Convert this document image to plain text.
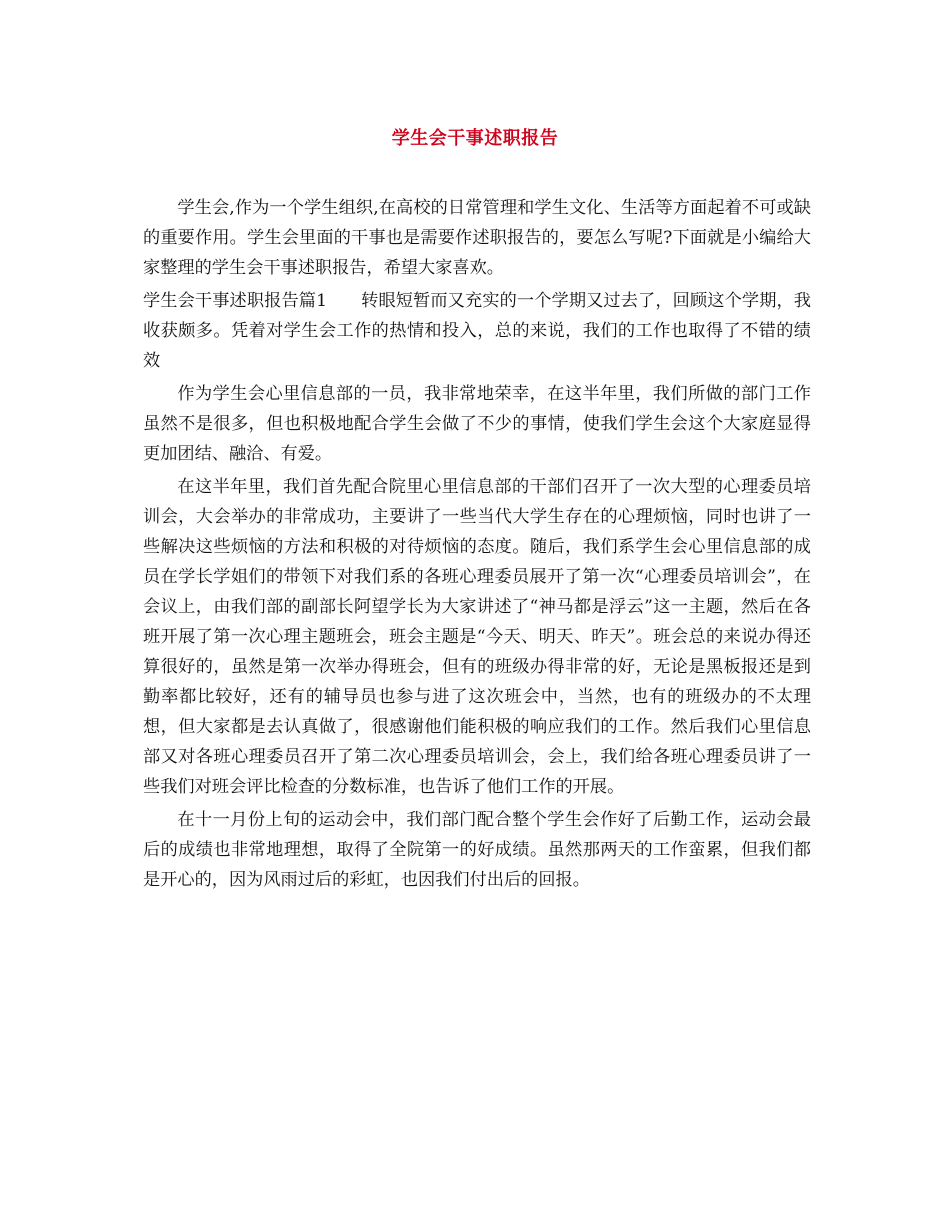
学生会干事述职报告

学生会,作为一个学生组织,在高校的日常管理和学生文化、生活等方面起着不可或缺的重要作用。学生会里面的干事也是需要作述职报告的，要怎么写呢?下面就是小编给大家整理的学生会干事述职报告，希望大家喜欢。

学生会干事述职报告篇1 转眼短暂而又充实的一个学期又过去了，回顾这个学期，我收获颇多。凭着对学生会工作的热情和投入，总的来说，我们的工作也取得了不错的绩效

作为学生会心里信息部的一员，我非常地荣幸，在这半年里，我们所做的部门工作虽然不是很多，但也积极地配合学生会做了不少的事情，使我们学生会这个大家庭显得更加团结、融洽、有爱。

在这半年里，我们首先配合院里心里信息部的干部们召开了一次大型的心理委员培训会，大会举办的非常成功，主要讲了一些当代大学生存在的心理烦恼，同时也讲了一些解决这些烦恼的方法和积极的对待烦恼的态度。随后，我们系学生会心里信息部的成员在学长学姐们的带领下对我们系的各班心理委员展开了第一次“心理委员培训会”，在会议上，由我们部的副部长阿望学长为大家讲述了“神马都是浮云”这一主题，然后在各班开展了第一次心理主题班会，班会主题是“今天、明天、昨天”。班会总的来说办得还算很好的，虽然是第一次举办得班会，但有的班级办得非常的好，无论是黑板报还是到勤率都比较好，还有的辅导员也参与进了这次班会中，当然，也有的班级办的不太理想，但大家都是去认真做了，很感谢他们能积极的响应我们的工作。然后我们心里信息部又对各班心理委员召开了第二次心理委员培训会，会上，我们给各班心理委员讲了一些我们对班会评比检查的分数标准，也告诉了他们工作的开展。

在十一月份上旬的运动会中，我们部门配合整个学生会作好了后勤工作，运动会最后的成绩也非常地理想，取得了全院第一的好成绩。虽然那两天的工作蛮累，但我们都是开心的，因为风雨过后的彩虹，也因我们付出后的回报。
